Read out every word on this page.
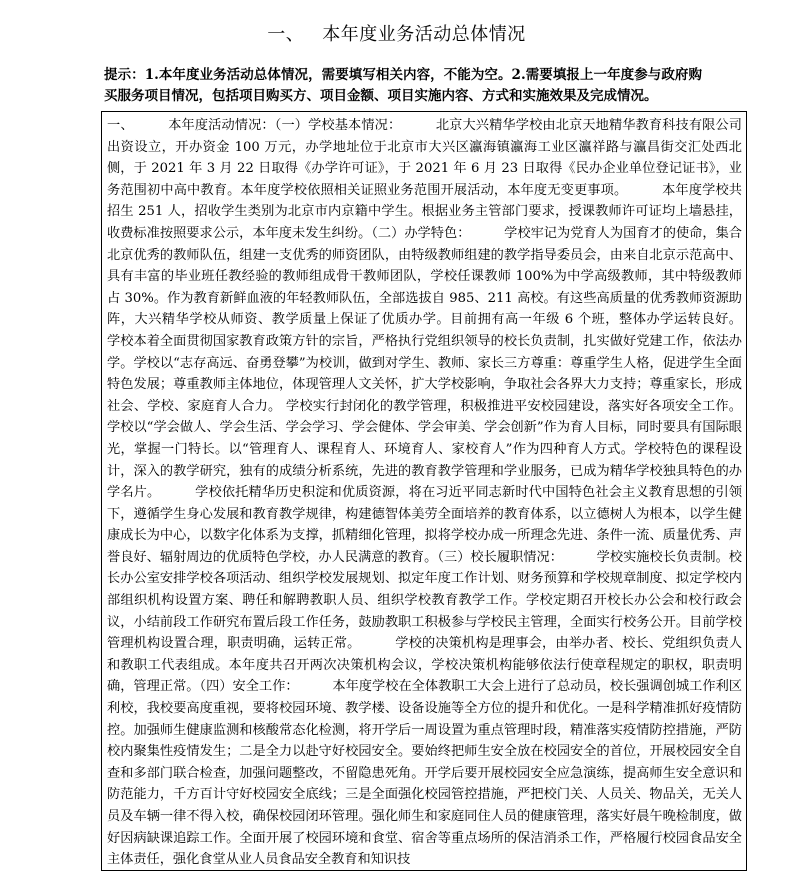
一、 本年度业务活动总体情况
提示：1.本年度业务活动总体情况，需要填写相关内容，不能为空。2.需要填报上一年度参与政府购买服务项目情况，包括项目购买方、项目金额、项目实施内容、方式和实施效果及完成情况。

一、        本年度活动情况：（一）学校基本情况：        北京大兴精华学校由北京天地精华教育科技有限公司出资设立，开办资金 100 万元，办学地址位于北京市大兴区瀛海镇瀛海工业区瀛祥路与瀛昌街交汇处西北侧，于 2021 年 3 月 22 日取得《办学许可证》，于 2021 年 6 月 23 日取得《民办企业单位登记证书》，业务范围初中高中教育。本年度学校依照相关证照业务范围开展活动，本年度无变更事项。        本年度学校共招生 251 人，招收学生类别为北京市内京籍中学生。根据业务主管部门要求，授课教师许可证均上墙悬挂，收费标准按照要求公示，本年度未发生纠纷。（二）办学特色：        学校牢记为党育人为国育才的使命，集合北京优秀的教师队伍，组建一支优秀的师资团队，由特级教师组建的教学指导委员会，由来自北京示范高中、具有丰富的毕业班任教经验的教师组成骨干教师团队，学校任课教师 100%为中学高级教师，其中特级教师占 30%。作为教育新鲜血液的年轻教师队伍，全部选拔自 985、211 高校。有这些高质量的优秀教师资源助阵，大兴精华学校从师资、教学质量上保证了优质办学。目前拥有高一年级 6 个班，整体办学运转良好。        学校本着全面贯彻国家教育政策方针的宗旨，严格执行党组织领导的校长负责制，扎实做好党建工作，依法办学。学校以“志存高远、奋勇登攀”为校训，做到对学生、教师、家长三方尊重：尊重学生人格，促进学生全面特色发展；尊重教师主体地位，体现管理人文关怀，扩大学校影响，争取社会各界大力支持；尊重家长，形成社会、学校、家庭育人合力。 学校实行封闭化的教学管理，积极推进平安校园建设，落实好各项安全工作。学校以“学会做人、学会生活、学会学习、学会健体、学会审美、学会创新”作为育人目标，同时要具有国际眼光，掌握一门特长。以“管理育人、课程育人、环境育人、家校育人”作为四种育人方式。学校特色的课程设计，深入的教学研究，独有的成绩分析系统，先进的教育教学管理和学业服务，已成为精华学校独具特色的办学名片。        学校依托精华历史积淀和优质资源，将在习近平同志新时代中国特色社会主义教育思想的引领下，遵循学生身心发展和教育教学规律，构建德智体美劳全面培养的教育体系，以立德树人为根本，以学生健康成长为中心，以数字化体系为支撑，抓精细化管理，拟将学校办成一所理念先进、条件一流、质量优秀、声誉良好、辐射周边的优质特色学校，办人民满意的教育。（三）校长履职情况：        学校实施校长负责制。校长办公室安排学校各项活动、组织学校发展规划、拟定年度工作计划、财务预算和学校规章制度、拟定学校内部组织机构设置方案、聘任和解聘教职人员、组织学校教育教学工作。学校定期召开校长办公会和校行政会议，小结前段工作研究布置后段工作任务，鼓励教职工积极参与学校民主管理，全面实行校务公开。目前学校管理机构设置合理，职责明确，运转正常。        学校的决策机构是理事会，由举办者、校长、党组织负责人和教职工代表组成。本年度共召开两次决策机构会议，学校决策机构能够依法行使章程规定的职权，职责明确，管理正常。（四）安全工作：        本年度学校在全体教职工大会上进行了总动员，校长强调创城工作利区利校，我校要高度重视，要将校园环境、教学楼、设备设施等全方位的提升和优化。一是科学精准抓好疫情防控。加强师生健康监测和核酸常态化检测，将开学后一周设置为重点管理时段，精准落实疫情防控措施，严防校内聚集性疫情发生；二是全力以赴守好校园安全。要始终把师生安全放在校园安全的首位，开展校园安全自查和多部门联合检查，加强问题整改，不留隐患死角。开学后要开展校园安全应急演练，提高师生安全意识和防范能力，千方百计守好校园安全底线；三是全面强化校园管控措施，严把校门关、人员关、物品关，无关人员及车辆一律不得入校，确保校园闭环管理。强化师生和家庭同住人员的健康管理，落实好晨午晚检制度，做好因病缺课追踪工作。全面开展了校园环境和食堂、宿舍等重点场所的保洁消杀工作，严格履行校园食品安全主体责任，强化食堂从业人员食品安全教育和知识技
